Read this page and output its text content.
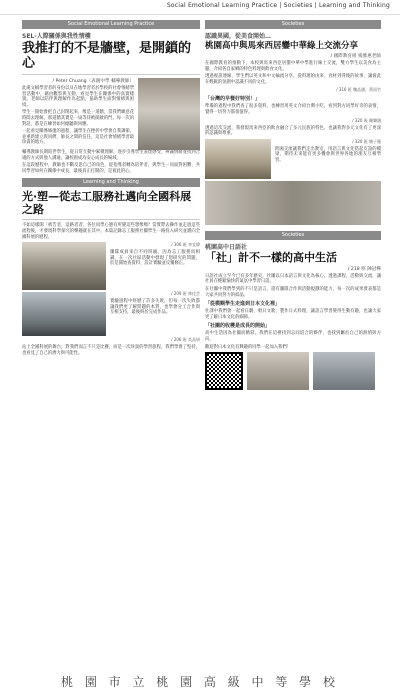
Social Emotional Learning Practice | Societies | Learning and Thinking
Social Emotional Learning Practice
SEL-人際關係與我性情樓
我推打的不是牆壁，是開鎖的心
/ Peter Chuang（表親中學 輔導教師）

此處文稿學習者的身份以及在地學習者於學校的社會情緒學習活動中，藉由觀察與互動，看見學生在關係中的真實樣貌。老師以陪伴與理解作為起點，協助學生面對情緒與困境。

學生一開始會把自己封閉起來，像是一道牆，當我們願意花時間去理解，那道牆其實是一扇等待被開啟的門。每一次的對話，都是在練習如何傾聽與回應。

一起看見關係修復的過程，讓學生在挫折中學會自我調節，並重新建立與同儕、師長之間的信任，這是社會情緒學習最珍貴的地方。

輔導教師長期陪伴學生，從日常互動中累積理解，逐步引導學生表達感受、辨識情緒並找到合適的方式與他人溝通，讓校園成為安心成長的場域。

在這段歷程中，教師也不斷反思自己的角色，從指導者轉為陪伴者，與學生一同面對困難，共同學習如何在關係中成長，最後真正打開的，是彼此的心。

Learning and Thinking
光·塑—從志工服務社邁向全國科展之路

不如這樣開「被告者，這路者者，各位同學心態有所變這些想像嗎？當實際去操作並走過這些流程後，才發現科學探究的樂趣就在其中。本篇記錄志工服務社團學生一路投入研究並邁向全國科展的歷程。

/ 306 班 李宜緯

團隊成員來自不同班級，因為志工服務而相識，在一次社區活動中發現了想研究的問題，於是開始查資料、設計實驗並反覆修正。

/ 209 班 林佳芸

實驗過程中經歷了許多失敗，但每一次失敗都讓我們更了解問題的本質，也學會分工合作與互相支持，最後終於完成作品。

/ 206 班 吳品妍

站上全國科展的舞台，對我們而言不只是比賽，而是一次珍貴的學習旅程，我們學會了堅持，也看見了自己的潛力與可能性。

Societies
認識異國，從美食開始…
桃園高中與馬來西居鑾中華綠上交流分享
/ 國際教育組 楊雅惠老師

在國際教育的推動下，本校與馬來西亞居鑾中華中學進行線上交流，雙方學生以美食為主題，介紹各自家鄉的特色料理與飲食文化。

透過視訊連線，學生們以英文和中文輪流分享，從料理的由來、食材到背後的故事，讓彼此在輕鬆的氛圍中認識不同的文化。

/ 316 班 魏品涵、黃雨竹
「台灣的早餐好特別！」

準備的過程中我們查了很多資料，也練習用英文介紹台灣小吃，看到對方同學好奇的表情，覺得一切努力都很值得。

/ 320 班 陳樂涵

透過這次交流，我發現馬來西亞的飲食融合了多元民族的特色，也讓我對多元文化有了更深的認識與尊重。

/ 320 班 賴子薇

跨國交流讓我們走出教室，用語言與文化搭起友誼的橋梁，期待未來能有更多機會與世界各地的朋友互相學習。

Societies
桃園高中日語社
「社」計不一樣的高中生活
/ 218 班 陳冠樺

日語社成立至今已有多年歷史，社團以日本語言與文化為核心，透過課程、活動與交流，讓社員在輕鬆愉快的氣氛中學習日語。

在社團中我們學到的不只是語言，還有團隊合作與活動規劃的能力，每一次的成果發表都是大家共同努力的結晶。

「從模糊學生走進到日本文化裡」

社課中我們會一起看日劇、唱日文歌、製作日式料理，讓語言學習變得生動有趣，也讓大家更了解日本文化的細節。

「社團的收穫是成長的開始」

高中生活因為社團而精彩，我們在這裡找到志同道合的夥伴，也找到屬於自己的熱情與方向。

歡迎對日本文化有興趣的同學一起加入我們！

桃 園 市 立 桃 園 高 級 中 等 學 校
